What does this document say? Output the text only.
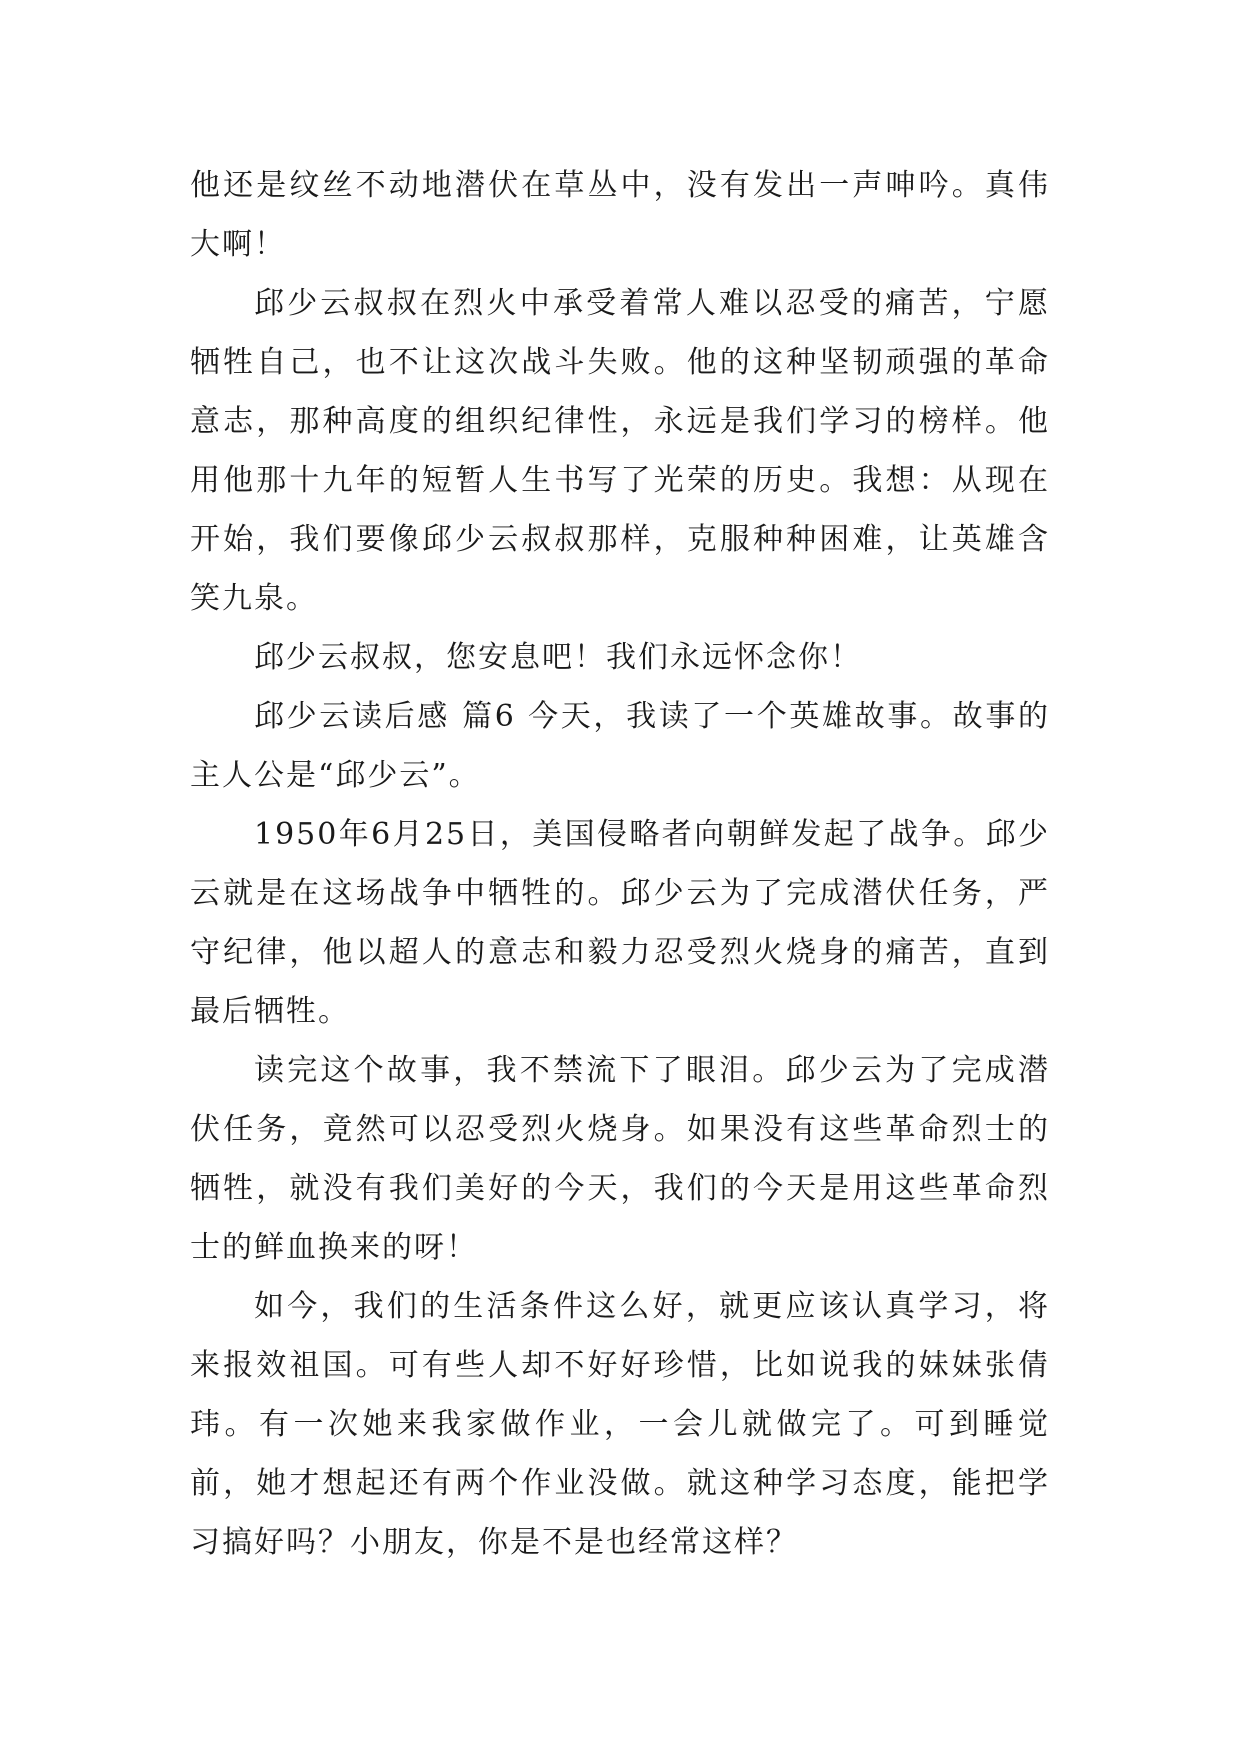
他还是纹丝不动地潜伏在草丛中，没有发出一声呻吟。真伟大啊！

邱少云叔叔在烈火中承受着常人难以忍受的痛苦，宁愿牺牲自己，也不让这次战斗失败。他的这种坚韧顽强的革命意志，那种高度的组织纪律性，永远是我们学习的榜样。他用他那十九年的短暂人生书写了光荣的历史。我想：从现在开始，我们要像邱少云叔叔那样，克服种种困难，让英雄含笑九泉。

邱少云叔叔，您安息吧！我们永远怀念你！

邱少云读后感 篇6 今天，我读了一个英雄故事。故事的主人公是“邱少云”。

1950年6月25日，美国侵略者向朝鲜发起了战争。邱少云就是在这场战争中牺牲的。邱少云为了完成潜伏任务，严守纪律，他以超人的意志和毅力忍受烈火烧身的痛苦，直到最后牺牲。

读完这个故事，我不禁流下了眼泪。邱少云为了完成潜伏任务，竟然可以忍受烈火烧身。如果没有这些革命烈士的牺牲，就没有我们美好的今天，我们的今天是用这些革命烈士的鲜血换来的呀！

如今，我们的生活条件这么好，就更应该认真学习，将来报效祖国。可有些人却不好好珍惜，比如说我的妹妹张倩玮。有一次她来我家做作业，一会儿就做完了。可到睡觉前，她才想起还有两个作业没做。就这种学习态度，能把学习搞好吗？小朋友，你是不是也经常这样？
